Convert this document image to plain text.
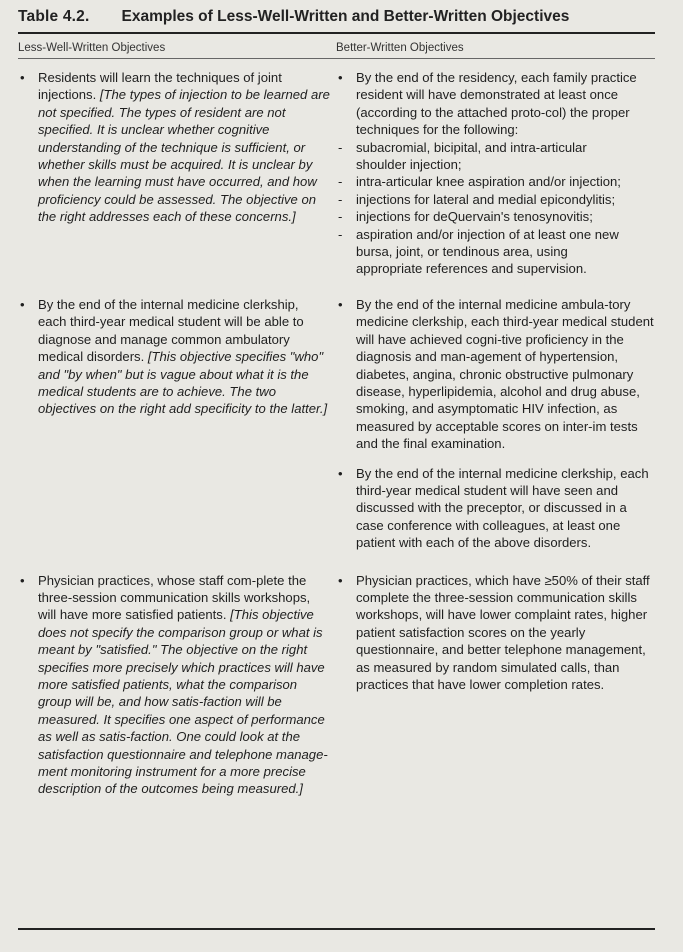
Table 4.2. Examples of Less-Well-Written and Better-Written Objectives
Less-Well-Written Objectives	Better-Written Objectives
• Residents will learn the techniques of joint injections. [The types of injection to be learned are not specified. The types of resident are not specified. It is unclear whether cognitive understanding of the technique is sufficient, or whether skills must be acquired. It is unclear by when the learning must have occurred, and how proficiency could be assessed. The objective on the right addresses each of these concerns.]
• By the end of the residency, each family practice resident will have demonstrated at least once (according to the attached proto-col) the proper techniques for the following:
- subacromial, bicipital, and intra-articular shoulder injection;
- intra-articular knee aspiration and/or injection;
- injections for lateral and medial epicondylitis;
- injections for deQuervain's tenosynovitis;
- aspiration and/or injection of at least one new bursa, joint, or tendinous area, using appropriate references and supervision.
• By the end of the internal medicine clerkship, each third-year medical student will be able to diagnose and manage common ambulatory medical disorders. [This objective specifies "who" and "by when" but is vague about what it is the medical students are to achieve. The two objectives on the right add specificity to the latter.]
• By the end of the internal medicine ambula-tory medicine clerkship, each third-year medical student will have achieved cogni-tive proficiency in the diagnosis and man-agement of hypertension, diabetes, angina, chronic obstructive pulmonary disease, hyperlipidemia, alcohol and drug abuse, smoking, and asymptomatic HIV infection, as measured by acceptable scores on inter-im tests and the final examination.
• By the end of the internal medicine clerkship, each third-year medical student will have seen and discussed with the preceptor, or discussed in a case conference with colleagues, at least one patient with each of the above disorders.
• Physician practices, whose staff com-plete the three-session communication skills workshops, will have more satisfied patients. [This objective does not specify the comparison group or what is meant by "satisfied." The objective on the right specifies more precisely which practices will have more satisfied patients, what the comparison group will be, and how satis-faction will be measured. It specifies one aspect of performance as well as satis-faction. One could look at the satisfaction questionnaire and telephone manage-ment monitoring instrument for a more precise description of the outcomes being measured.]
• Physician practices, which have ≥50% of their staff complete the three-session communication skills workshops, will have lower complaint rates, higher patient satisfaction scores on the yearly questionnaire, and better telephone management, as measured by random simulated calls, than practices that have lower completion rates.
